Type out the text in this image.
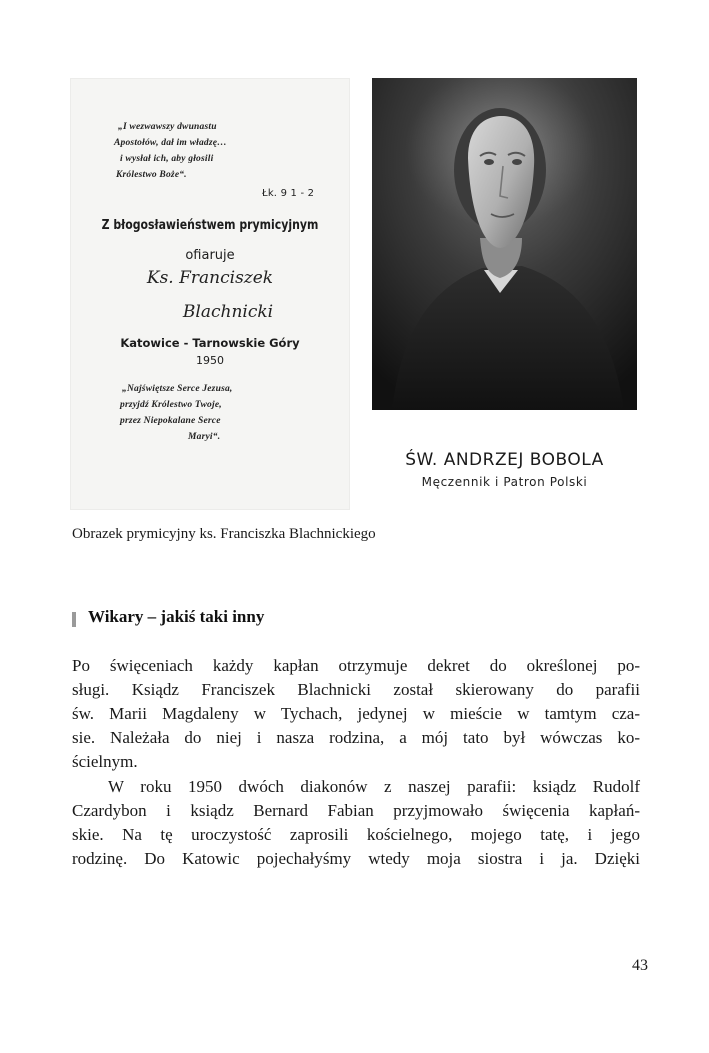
„I wezwawszy dwunastu
Apostołów, dał im władzę…
i wysłał ich, aby głosili
Królestwo Boże“.
Łk. 9 1 - 2
Z błogosławieństwem prymicyjnym
ofiaruje
Ks. Franciszek
Blachnicki
Katowice - Tarnowskie Góry
1950
„Najświętsze Serce Jezusa,
przyjdź Królestwo Twoje,
przez Niepokalane Serce
Maryi“.
ŚW. ANDRZEJ BOBOLA
Męczennik i Patron Polski
Obrazek prymicyjny ks. Franciszka Blachnickiego
Wikary – jakiś taki inny
Po święceniach każdy kapłan otrzymuje dekret do określonej po-
sługi. Ksiądz Franciszek Blachnicki został skierowany do parafii
św. Marii Magdaleny w Tychach, jedynej w mieście w tamtym cza-
sie. Należała do niej i nasza rodzina, a mój tato był wówczas ko-
ścielnym.
W roku 1950 dwóch diakonów z naszej parafii: ksiądz Rudolf
Czardybon i ksiądz Bernard Fabian przyjmowało święcenia kapłań-
skie. Na tę uroczystość zaprosili kościelnego, mojego tatę, i jego
rodzinę. Do Katowic pojechałyśmy wtedy moja siostra i ja. Dzięki
43
